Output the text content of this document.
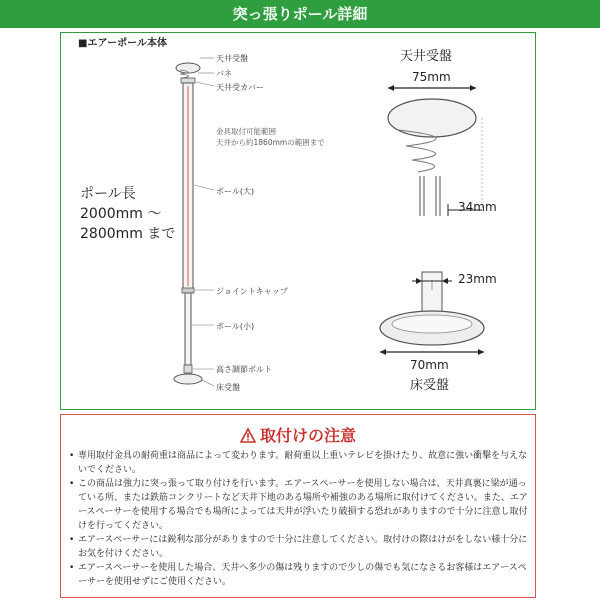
突っ張りポール詳細
■エアーポール本体
天井受盤
バネ
天井受カバー
金具取付可能範囲
天井から約1860mmの範囲まで
ポール(大)
ジョイントキャップ
ポール(小)
高さ調節ボルト
床受盤
ポール長
2000mm ～
2800mm まで
天井受盤
75mm
34mm
23mm
70mm
床受盤
取付けの注意
• 専用取付金具の耐荷重は商品によって変わります。耐荷重以上重いテレビを掛けたり、故意に強い衝撃を与えないでください。
• この商品は強力に突っ張って取り付けを行います。エアースペーサーを使用しない場合は、天井真裏に梁が通っている所、または鉄筋コンクリートなど天井下地のある場所や補強のある場所に取付けてください。また、エアースペーサーを使用する場合でも場所によっては天井が浮いたり破損する恐れがありますので十分に注意し取付けを行ってください。
• エアースペーサーには鋭利な部分がありますので十分に注意してください。取付けの際はけがをしない様十分にお気を付けください。
• エアースペーサーを使用した場合、天井へ多少の傷は残りますので少しの傷でも気になさるお客様はエアースペーサーを使用せずにご使用ください。
